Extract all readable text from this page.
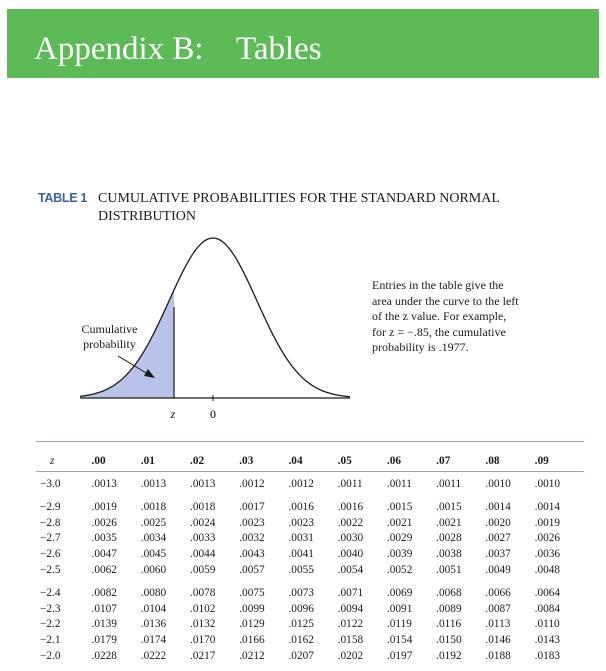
Appendix B:    Tables
TABLE 1 CUMULATIVE PROBABILITIES FOR THE STANDARD NORMAL DISTRIBUTION
z	0
Cumulative probability
Entries in the table give the area under the curve to the left of the z value. For example, for z = −.85, the cumulative probability is .1977.
z	.00	.01	.02	.03	.04	.05	.06	.07	.08	.09
−3.0	.0013	.0013	.0013	.0012	.0012	.0011	.0011	.0011	.0010	.0010
−2.9	.0019	.0018	.0018	.0017	.0016	.0016	.0015	.0015	.0014	.0014
−2.8	.0026	.0025	.0024	.0023	.0023	.0022	.0021	.0021	.0020	.0019
−2.7	.0035	.0034	.0033	.0032	.0031	.0030	.0029	.0028	.0027	.0026
−2.6	.0047	.0045	.0044	.0043	.0041	.0040	.0039	.0038	.0037	.0036
−2.5	.0062	.0060	.0059	.0057	.0055	.0054	.0052	.0051	.0049	.0048
−2.4	.0082	.0080	.0078	.0075	.0073	.0071	.0069	.0068	.0066	.0064
−2.3	.0107	.0104	.0102	.0099	.0096	.0094	.0091	.0089	.0087	.0084
−2.2	.0139	.0136	.0132	.0129	.0125	.0122	.0119	.0116	.0113	.0110
−2.1	.0179	.0174	.0170	.0166	.0162	.0158	.0154	.0150	.0146	.0143
−2.0	.0228	.0222	.0217	.0212	.0207	.0202	.0197	.0192	.0188	.0183
